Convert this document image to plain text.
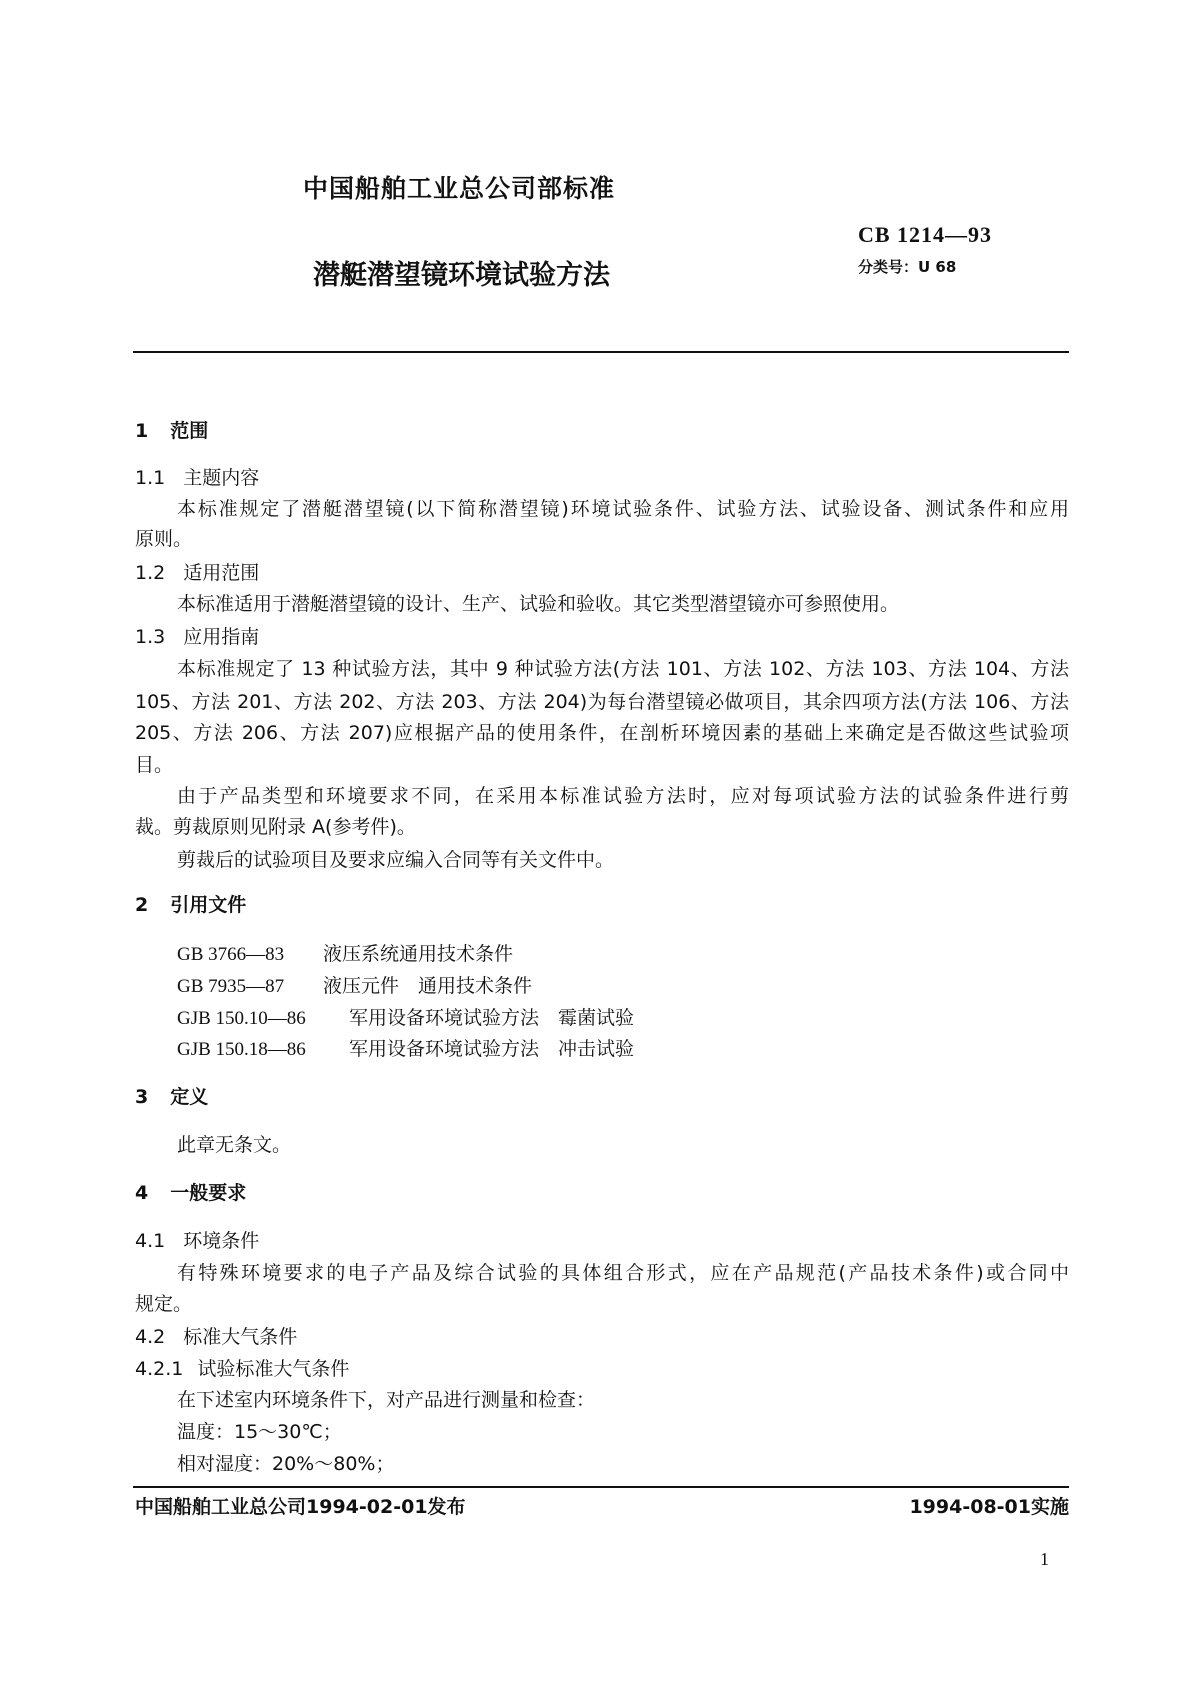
中国船舶工业总公司部标准
CB 1214—93
分类号：U 68
潜艇潜望镜环境试验方法
1 范围
1.1 主题内容
本标准规定了潜艇潜望镜(以下简称潜望镜)环境试验条件、试验方法、试验设备、测试条件和应用
原则。
1.2 适用范围
本标准适用于潜艇潜望镜的设计、生产、试验和验收。其它类型潜望镜亦可参照使用。
1.3 应用指南
本标准规定了 13 种试验方法，其中 9 种试验方法(方法 101、方法 102、方法 103、方法 104、方法
105、方法 201、方法 202、方法 203、方法 204)为每台潜望镜必做项目，其余四项方法(方法 106、方法
205、方法 206、方法 207)应根据产品的使用条件，在剖析环境因素的基础上来确定是否做这些试验项
目。
由于产品类型和环境要求不同，在采用本标准试验方法时，应对每项试验方法的试验条件进行剪
裁。剪裁原则见附录 A(参考件)。
剪裁后的试验项目及要求应编入合同等有关文件中。
2 引用文件
GB 3766—83 液压系统通用技术条件
GB 7935—87 液压元件　通用技术条件
GJB 150.10—86 军用设备环境试验方法　霉菌试验
GJB 150.18—86 军用设备环境试验方法　冲击试验
3 定义
此章无条文。
4 一般要求
4.1 环境条件
有特殊环境要求的电子产品及综合试验的具体组合形式，应在产品规范(产品技术条件)或合同中
规定。
4.2 标准大气条件
4.2.1 试验标准大气条件
在下述室内环境条件下，对产品进行测量和检查：
温度：15～30℃；
相对湿度：20%～80%；
中国船舶工业总公司1994-02-01发布	1994-08-01实施
1
